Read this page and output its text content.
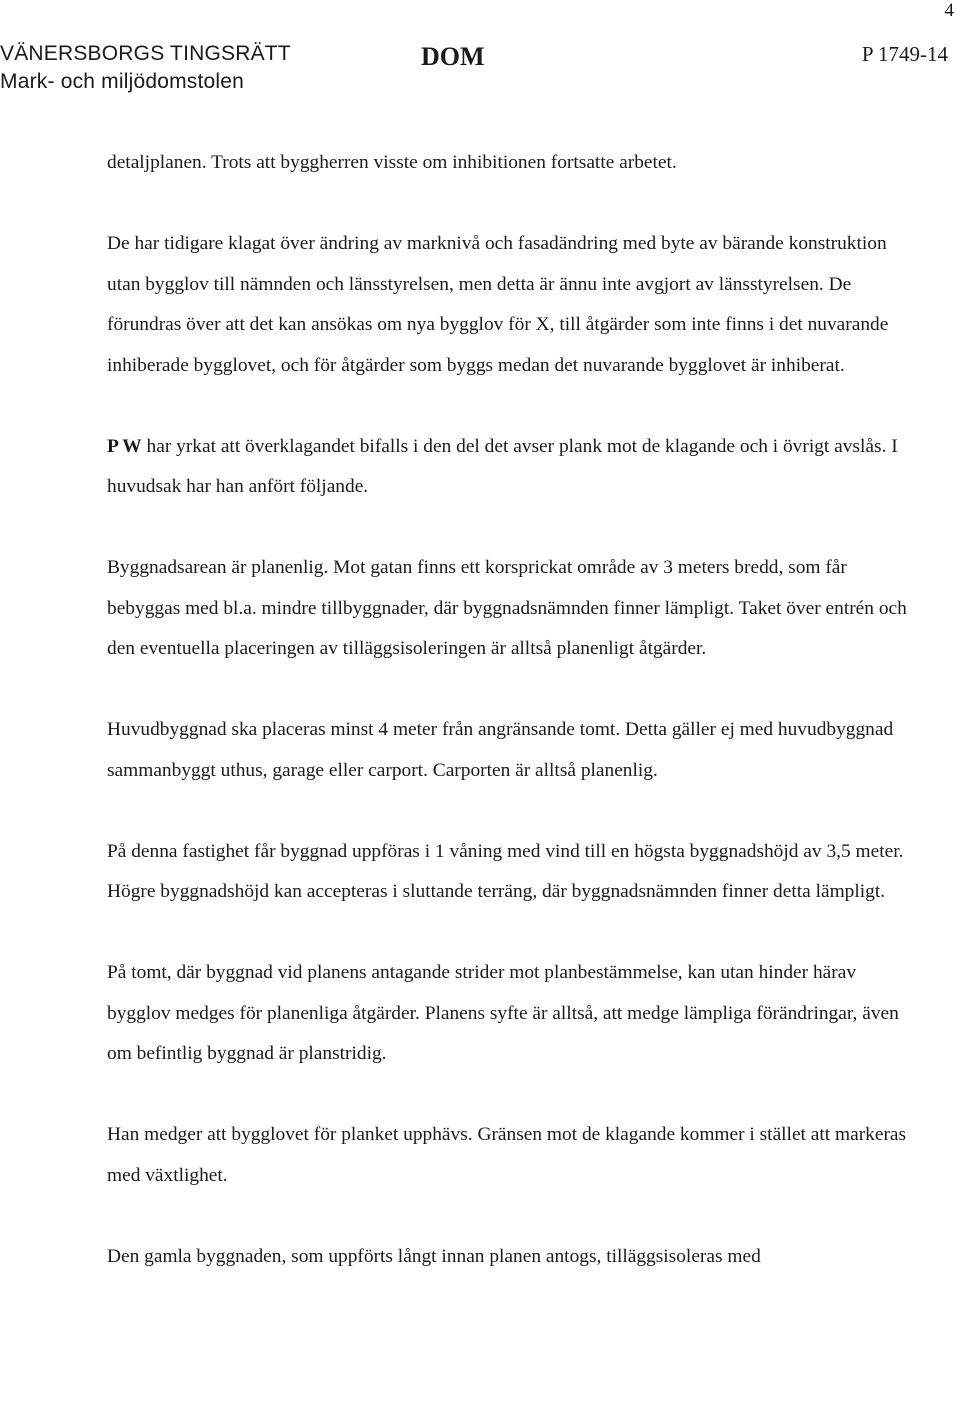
4
VÄNERSBORGS TINGSRÄTT
Mark- och miljödomstolen
DOM	P 1749-14

detaljplanen. Trots att byggherren visste om inhibitionen fortsatte arbetet.

De har tidigare klagat över ändring av marknivå och fasadändring med byte av bärande konstruktion utan bygglov till nämnden och länsstyrelsen, men detta är ännu inte avgjort av länsstyrelsen. De förundras över att det kan ansökas om nya bygglov för X, till åtgärder som inte finns i det nuvarande inhiberade bygglovet, och för åtgärder som byggs medan det nuvarande bygglovet är inhiberat.

P W har yrkat att överklagandet bifalls i den del det avser plank mot de klagande och i övrigt avslås. I huvudsak har han anfört följande.

Byggnadsarean är planenlig. Mot gatan finns ett korsprickat område av 3 meters bredd, som får bebyggas med bl.a. mindre tillbyggnader, där byggnadsnämnden finner lämpligt. Taket över entrén och den eventuella placeringen av tilläggsisoleringen är alltså planenligt åtgärder.

Huvudbyggnad ska placeras minst 4 meter från angränsande tomt. Detta gäller ej med huvudbyggnad sammanbyggt uthus, garage eller carport. Carporten är alltså planenlig.

På denna fastighet får byggnad uppföras i 1 våning med vind till en högsta byggnadshöjd av 3,5 meter. Högre byggnadshöjd kan accepteras i sluttande terräng, där byggnadsnämnden finner detta lämpligt.

På tomt, där byggnad vid planens antagande strider mot planbestämmelse, kan utan hinder härav bygglov medges för planenliga åtgärder. Planens syfte är alltså, att medge lämpliga förändringar, även om befintlig byggnad är planstridig.

Han medger att bygglovet för planket upphävs. Gränsen mot de klagande kommer i stället att markeras med växtlighet.

Den gamla byggnaden, som uppförts långt innan planen antogs, tilläggsisoleras med
